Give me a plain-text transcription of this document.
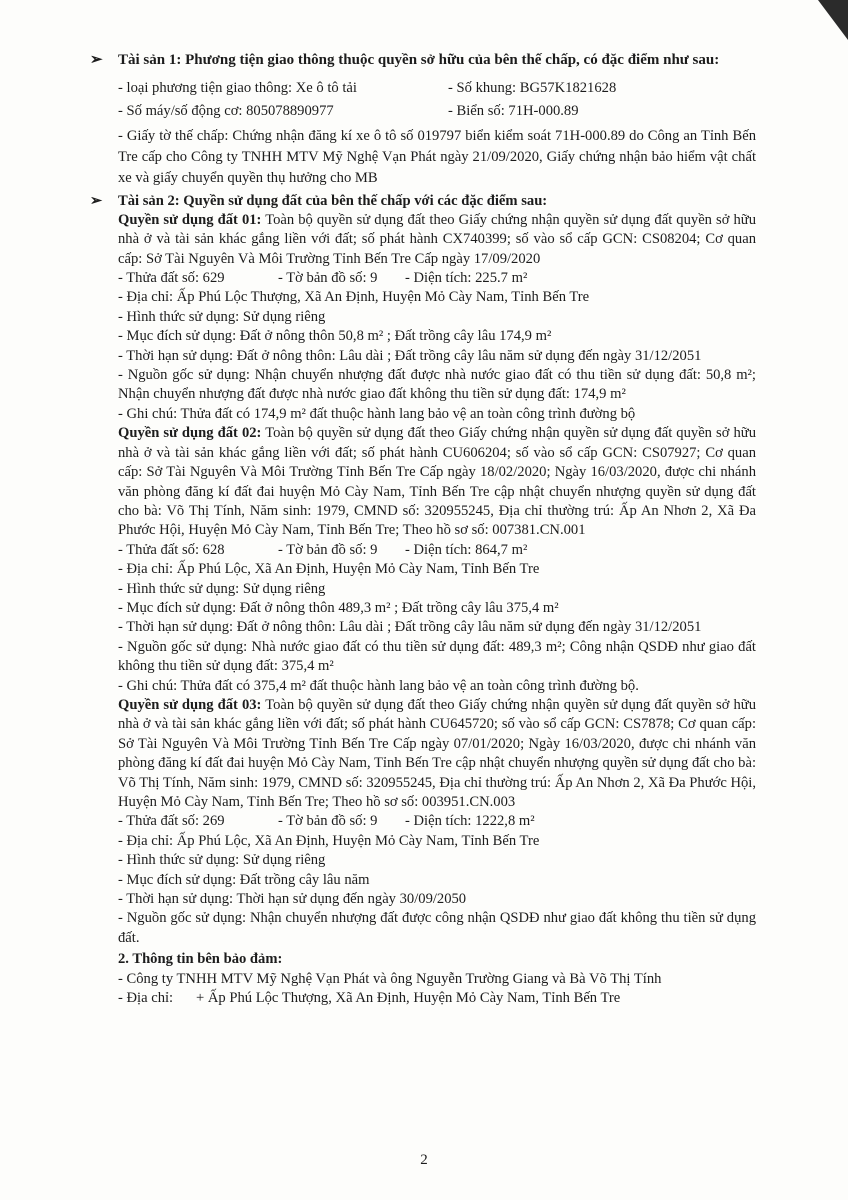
➢ Tài sản 1: Phương tiện giao thông thuộc quyền sở hữu của bên thế chấp, có đặc điểm như sau:
- loại phương tiện giao thông: Xe ô tô tải	- Số khung: BG57K1821628
- Số máy/số động cơ: 805078890977	- Biển số: 71H-000.89

- Giấy tờ thế chấp: Chứng nhận đăng kí xe ô tô số 019797 biển kiểm soát 71H-000.89 do Công an Tỉnh Bến Tre cấp cho Công ty TNHH MTV Mỹ Nghệ Vạn Phát ngày 21/09/2020, Giấy chứng nhận bảo hiểm vật chất xe và giấy chuyển quyền thụ hưởng cho MB

➢ Tài sản 2: Quyền sử dụng đất của bên thế chấp với các đặc điểm sau:

Quyền sử dụng đất 01: Toàn bộ quyền sử dụng đất theo Giấy chứng nhận quyền sử dụng đất quyền sở hữu nhà ở và tài sản khác gắng liền với đất; số phát hành CX740399; số vào sổ cấp GCN: CS08204; Cơ quan cấp: Sở Tài Nguyên Và Môi Trường Tỉnh Bến Tre Cấp ngày 17/09/2020

- Thửa đất số: 629	- Tờ bản đồ số: 9 - Diện tích: 225.7 m²

- Địa chỉ: Ấp Phú Lộc Thượng, Xã An Định, Huyện Mỏ Cày Nam, Tỉnh Bến Tre

- Hình thức sử dụng: Sử dụng riêng

- Mục đích sử dụng: Đất ở nông thôn 50,8 m² ; Đất trồng cây lâu 174,9 m²

- Thời hạn sử dụng: Đất ở nông thôn: Lâu dài ; Đất trồng cây lâu năm sử dụng đến ngày 31/12/2051

- Nguồn gốc sử dụng: Nhận chuyển nhượng đất được nhà nước giao đất có thu tiền sử dụng đất: 50,8 m²; Nhận chuyển nhượng đất được nhà nước giao đất không thu tiền sử dụng đất: 174,9 m²

- Ghi chú: Thửa đất có 174,9 m² đất thuộc hành lang bảo vệ an toàn công trình đường bộ

Quyền sử dụng đất 02: Toàn bộ quyền sử dụng đất theo Giấy chứng nhận quyền sử dụng đất quyền sở hữu nhà ở và tài sản khác gắng liền với đất; số phát hành CU606204; số vào sổ cấp GCN: CS07927; Cơ quan cấp: Sở Tài Nguyên Và Môi Trường Tỉnh Bến Tre Cấp ngày 18/02/2020; Ngày 16/03/2020, được chi nhánh văn phòng đăng kí đất đai huyện Mỏ Cày Nam, Tỉnh Bến Tre cập nhật chuyển nhượng quyền sử dụng đất cho bà: Võ Thị Tính, Năm sinh: 1979, CMND số: 320955245, Địa chỉ thường trú: Ấp An Nhơn 2, Xã Đa Phước Hội, Huyện Mỏ Cày Nam, Tỉnh Bến Tre; Theo hồ sơ số: 007381.CN.001

- Thửa đất số: 628	- Tờ bản đồ số: 9 - Diện tích: 864,7 m²

- Địa chỉ: Ấp Phú Lộc, Xã An Định, Huyện Mỏ Cày Nam, Tỉnh Bến Tre

- Hình thức sử dụng: Sử dụng riêng

- Mục đích sử dụng: Đất ở nông thôn 489,3 m² ; Đất trồng cây lâu 375,4 m²

- Thời hạn sử dụng: Đất ở nông thôn: Lâu dài ; Đất trồng cây lâu năm sử dụng đến ngày 31/12/2051

- Nguồn gốc sử dụng: Nhà nước giao đất có thu tiền sử dụng đất: 489,3 m²; Công nhận QSDĐ như giao đất không thu tiền sử dụng đất: 375,4 m²

- Ghi chú: Thửa đất có 375,4 m² đất thuộc hành lang bảo vệ an toàn công trình đường bộ.

Quyền sử dụng đất 03: Toàn bộ quyền sử dụng đất theo Giấy chứng nhận quyền sử dụng đất quyền sở hữu nhà ở và tài sản khác gắng liền với đất; số phát hành CU645720; số vào sổ cấp GCN: CS7878; Cơ quan cấp: Sở Tài Nguyên Và Môi Trường Tỉnh Bến Tre Cấp ngày 07/01/2020; Ngày 16/03/2020, được chi nhánh văn phòng đăng kí đất đai huyện Mỏ Cày Nam, Tỉnh Bến Tre cập nhật chuyển nhượng quyền sử dụng đất cho bà: Võ Thị Tính, Năm sinh: 1979, CMND số: 320955245, Địa chỉ thường trú: Ấp An Nhơn 2, Xã Đa Phước Hội, Huyện Mỏ Cày Nam, Tỉnh Bến Tre; Theo hồ sơ số: 003951.CN.003

- Thửa đất số: 269	- Tờ bản đồ số: 9 - Diện tích: 1222,8 m²

- Địa chỉ: Ấp Phú Lộc, Xã An Định, Huyện Mỏ Cày Nam, Tỉnh Bến Tre

- Hình thức sử dụng: Sử dụng riêng

- Mục đích sử dụng: Đất trồng cây lâu năm

- Thời hạn sử dụng: Thời hạn sử dụng đến ngày 30/09/2050

- Nguồn gốc sử dụng: Nhận chuyển nhượng đất được công nhận QSDĐ như giao đất không thu tiền sử dụng đất.

2. Thông tin bên bảo đảm:

- Công ty TNHH MTV Mỹ Nghệ Vạn Phát và ông Nguyễn Trường Giang và Bà Võ Thị Tính

- Địa chỉ: + Ấp Phú Lộc Thượng, Xã An Định, Huyện Mỏ Cày Nam, Tỉnh Bến Tre
2
